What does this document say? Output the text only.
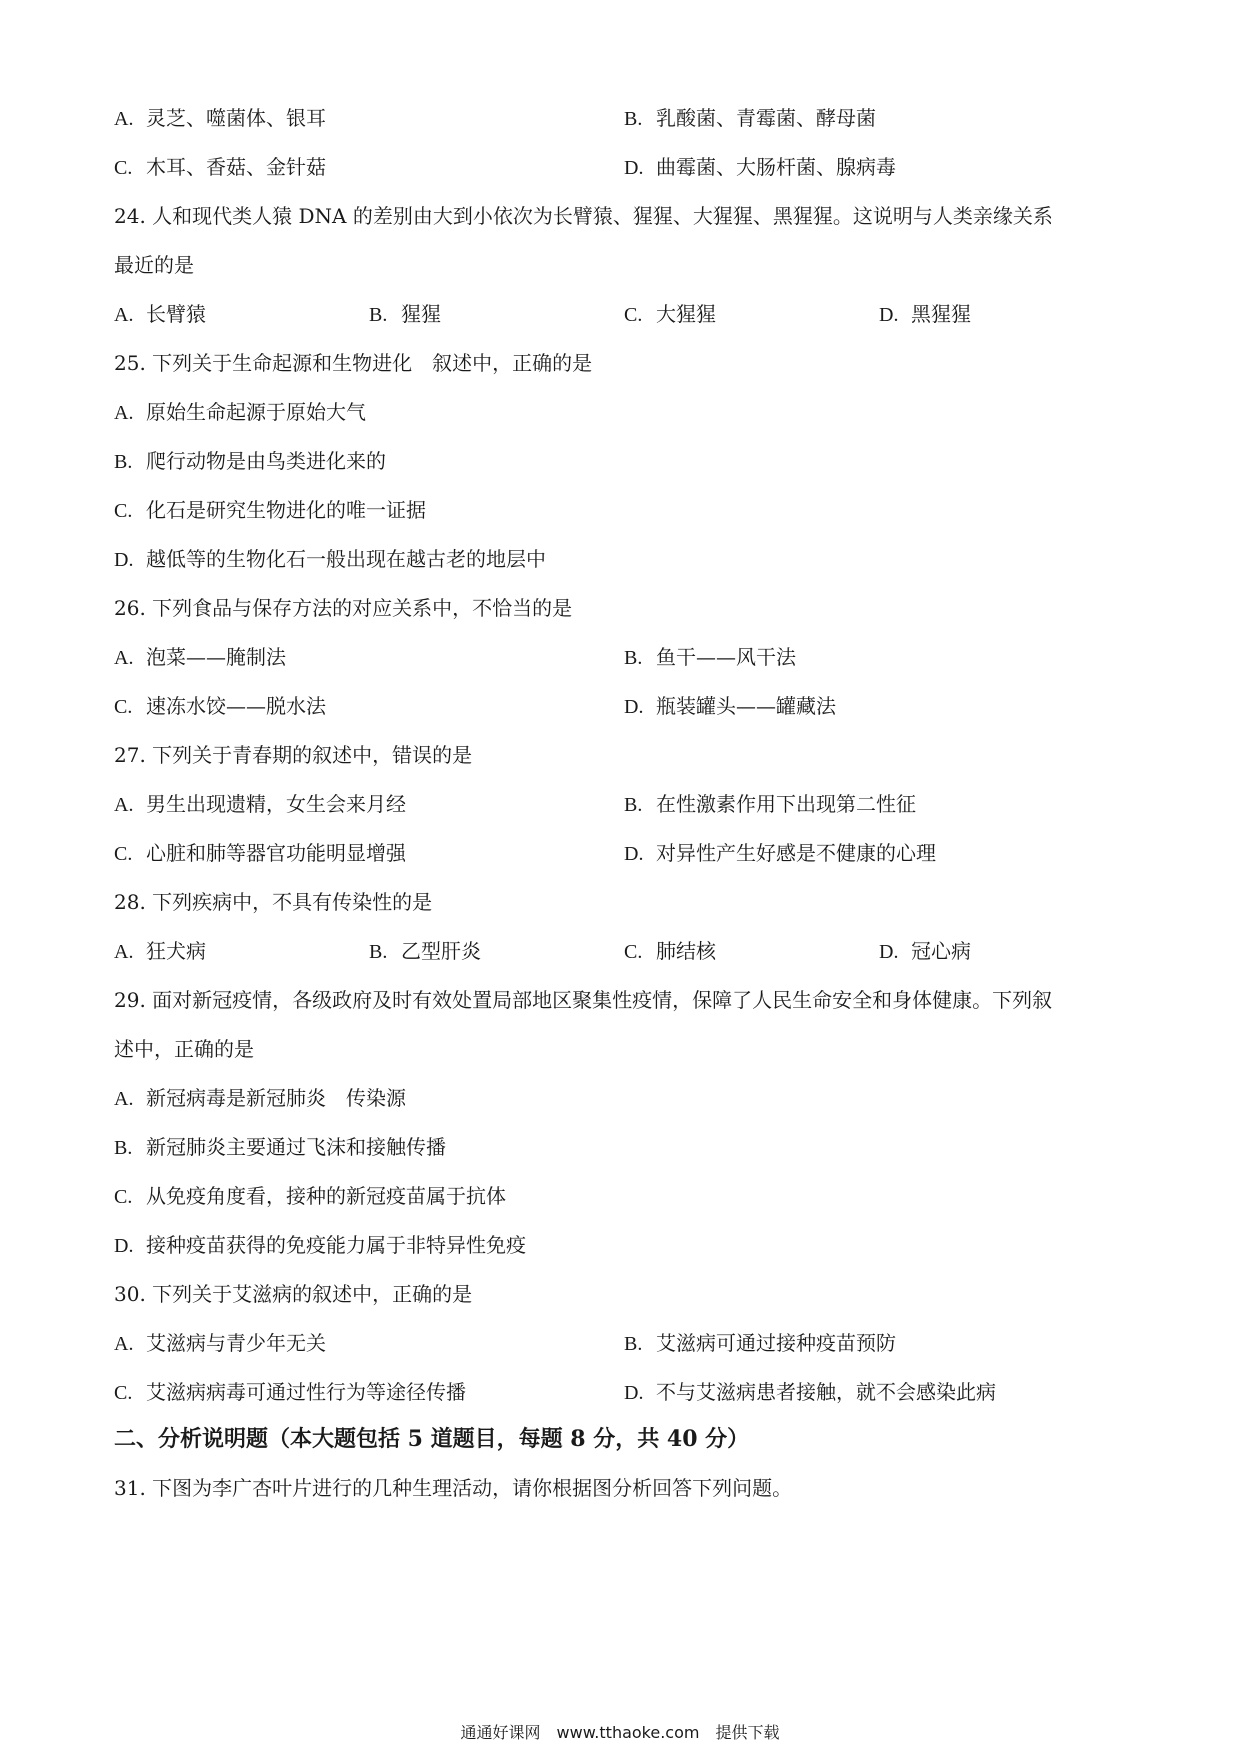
A. 灵芝、噬菌体、银耳	B. 乳酸菌、青霉菌、酵母菌
C. 木耳、香菇、金针菇	D. 曲霉菌、大肠杆菌、腺病毒
24. 人和现代类人猿 DNA 的差别由大到小依次为长臂猿、猩猩、大猩猩、黑猩猩。这说明与人类亲缘关系
最近的是
A. 长臂猿	B. 猩猩	C. 大猩猩	D. 黑猩猩
25. 下列关于生命起源和生物进化　叙述中，正确的是
A. 原始生命起源于原始大气
B. 爬行动物是由鸟类进化来的
C. 化石是研究生物进化的唯一证据
D. 越低等的生物化石一般出现在越古老的地层中
26. 下列食品与保存方法的对应关系中，不恰当的是
A. 泡菜——腌制法	B. 鱼干——风干法
C. 速冻水饺——脱水法	D. 瓶装罐头——罐藏法
27. 下列关于青春期的叙述中，错误的是
A. 男生出现遗精，女生会来月经	B. 在性激素作用下出现第二性征
C. 心脏和肺等器官功能明显增强	D. 对异性产生好感是不健康的心理
28. 下列疾病中，不具有传染性的是
A. 狂犬病	B. 乙型肝炎	C. 肺结核	D. 冠心病
29. 面对新冠疫情，各级政府及时有效处置局部地区聚集性疫情，保障了人民生命安全和身体健康。下列叙
述中，正确的是
A. 新冠病毒是新冠肺炎　传染源
B. 新冠肺炎主要通过飞沫和接触传播
C. 从免疫角度看，接种的新冠疫苗属于抗体
D. 接种疫苗获得的免疫能力属于非特异性免疫
30. 下列关于艾滋病的叙述中，正确的是
A. 艾滋病与青少年无关	B. 艾滋病可通过接种疫苗预防
C. 艾滋病病毒可通过性行为等途径传播	D. 不与艾滋病患者接触，就不会感染此病
二、分析说明题（本大题包括 5 道题目，每题 8 分，共 40 分）
31. 下图为李广杏叶片进行的几种生理活动，请你根据图分析回答下列问题。
通通好课网　www.tthaoke.com　提供下载
